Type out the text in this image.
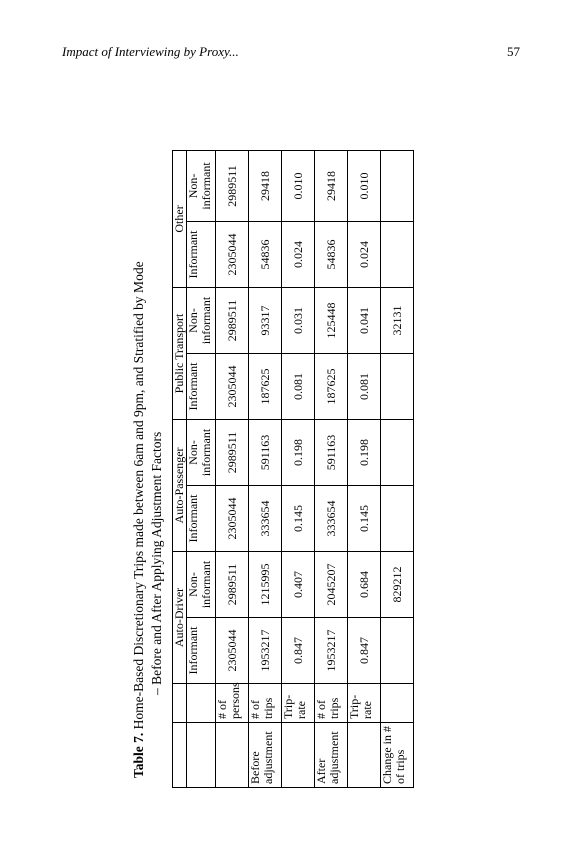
Impact of Interviewing by Proxy...	57
Table 7. Home-Based Discretionary Trips made between 6am and 9pm, and Stratified by Mode – Before and After Applying Adjustment Factors
		Auto-Driver		Auto-Passenger		Public Transport		Other	
		Informant	Non-informant	Informant	Non-informant	Informant	Non-informant	Informant	Non-informant
	# of persons	2305044	2989511	2305044	2989511	2305044	2989511	2305044	2989511
Before adjustment	# of trips	1953217	1215995	333654	591163	187625	93317	54836	29418
	Trip-rate	0.847	0.407	0.145	0.198	0.081	0.031	0.024	0.010
After adjustment	# of trips	1953217	2045207	333654	591163	187625	125448	54836	29418
	Trip-rate	0.847	0.684	0.145	0.198	0.081	0.041	0.024	0.010
Change in # of trips			829212				32131		
